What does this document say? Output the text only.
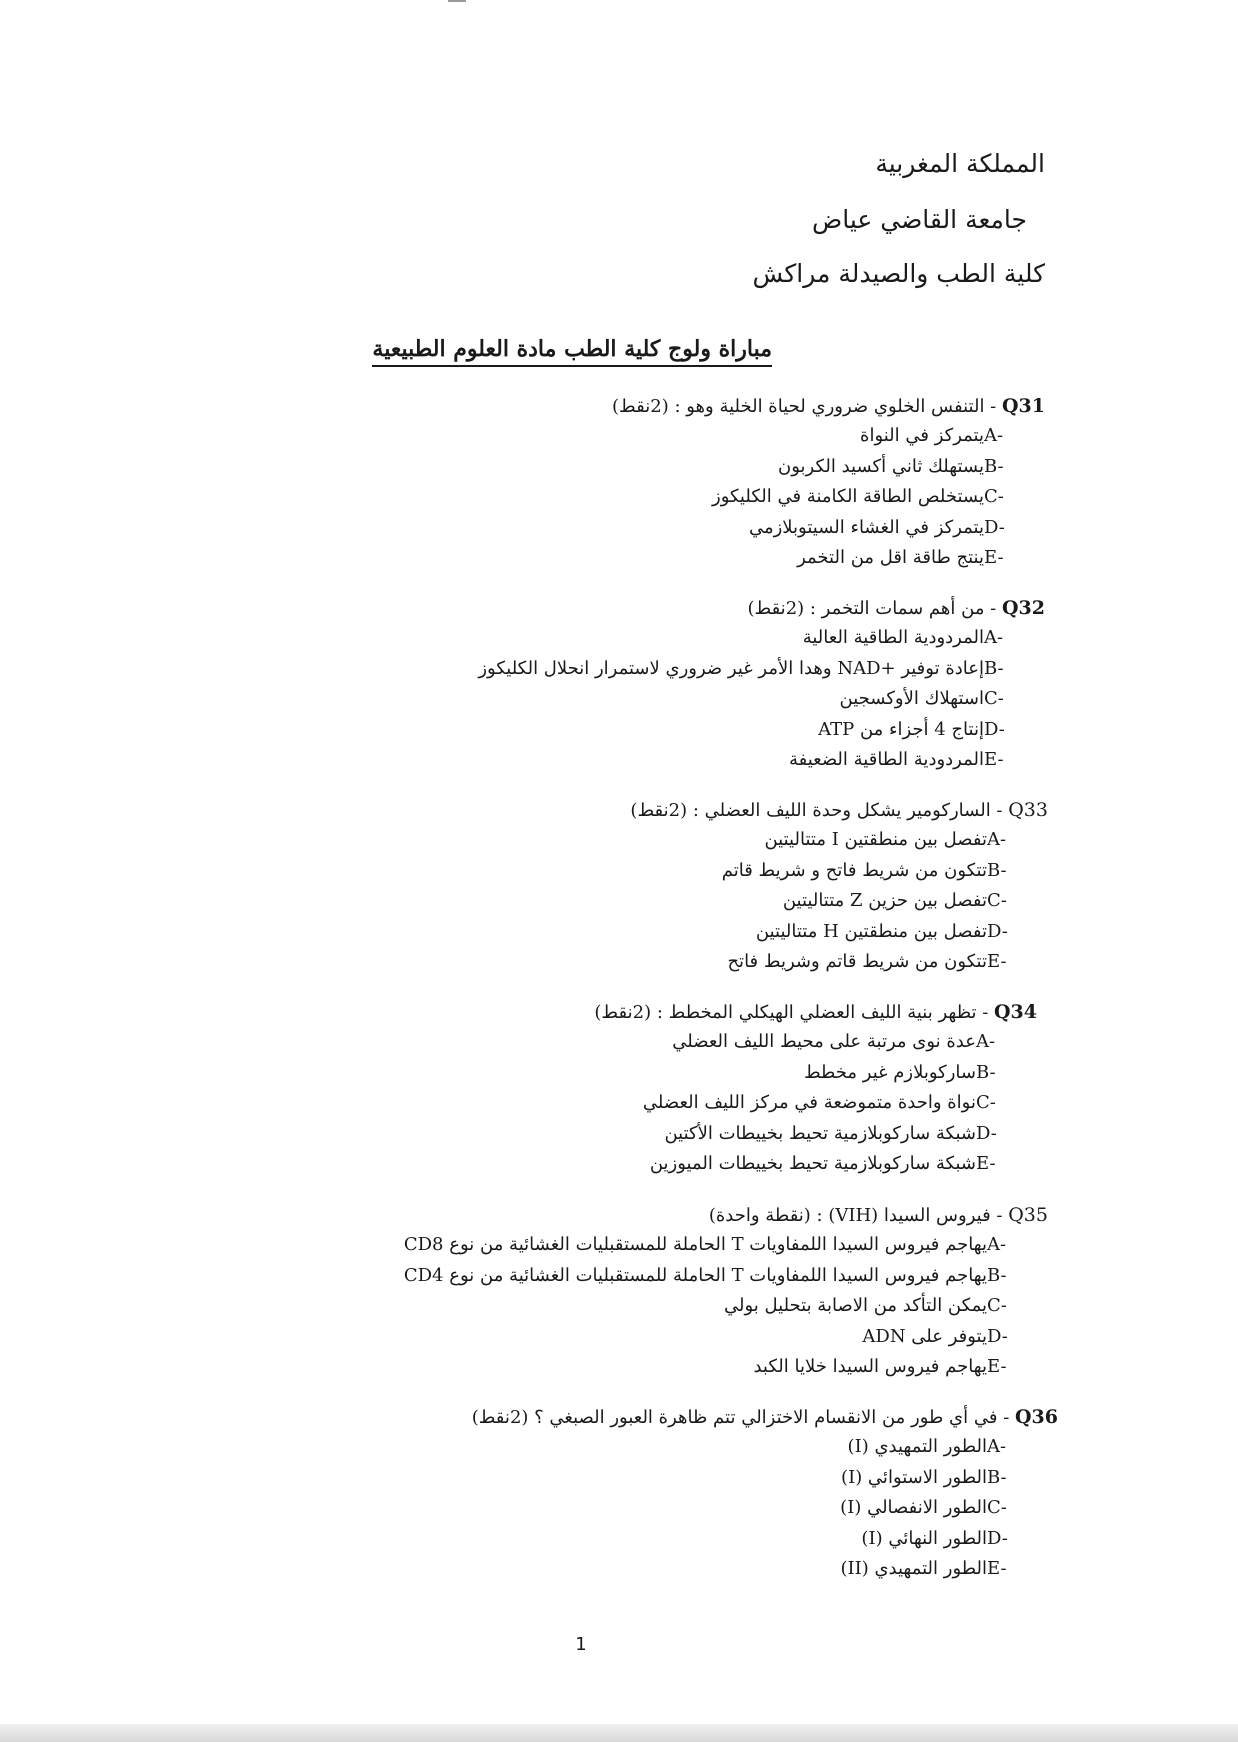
المملكة المغربية
جامعة القاضي عياض
كلية الطب والصيدلة مراكش
مباراة ولوج كلية الطب مادة العلوم الطبيعية
Q31 - التنفس الخلوي ضروري لحياة الخلية وهو : (2نقط)
A-
يتمركز في النواة
B-
يستهلك ثاني أكسيد الكربون
C-
يستخلص الطاقة الكامنة في الكليكوز
D-
يتمركز في الغشاء السيتوبلازمي
E-
ينتج طاقة اقل من التخمر
Q32 - من أهم سمات التخمر : (2نقط)
A-
المردودية الطاقية العالية
B-
إعادة توفير +NAD وهدا الأمر غير ضروري لاستمرار انحلال الكليكوز
C-
استهلاك الأوكسجين
D-
إنتاج 4 أجزاء من ATP
E-
المردودية الطاقية الضعيفة
Q33 - الساركومير يشكل وحدة الليف العضلي : (2نقط)
A-
تفصل بين منطقتين I متتاليتين
B-
تتكون من شريط فاتح و شريط قاتم
C-
تفصل بين حزين Z متتاليتين
D-
تفصل بين منطقتين H متتاليتين
E-
تتكون من شريط قاتم وشريط فاتح
Q34 - تظهر بنية الليف العضلي الهيكلي المخطط : (2نقط)
A-
عدة نوى مرتبة على محيط الليف العضلي
B-
ساركوبلازم غير مخطط
C-
نواة واحدة متموضعة في مركز الليف العضلي
D-
شبكة ساركوبلازمية تحيط بخييطات الأكتين
E-
شبكة ساركوبلازمية تحيط بخييطات الميوزين
Q35 - فيروس السيدا (VIH) : (نقطة واحدة)
A-
يهاجم فيروس السيدا اللمفاويات T الحاملة للمستقبليات الغشائية من نوع CD8
B-
يهاجم فيروس السيدا اللمفاويات T الحاملة للمستقبليات الغشائية من نوع CD4
C-
يمكن التأكد من الاصابة بتحليل بولي
D-
يتوفر على ADN
E-
يهاجم فيروس السيدا خلايا الكبد
Q36 - في أي طور من الانقسام الاختزالي تتم ظاهرة العبور الصبغي ؟ (2نقط)
A-
الطور التمهيدي (I)
B-
الطور الاستوائي (I)
C-
الطور الانفصالي (I)
D-
الطور النهائي (I)
E-
الطور التمهيدي (II)
1
